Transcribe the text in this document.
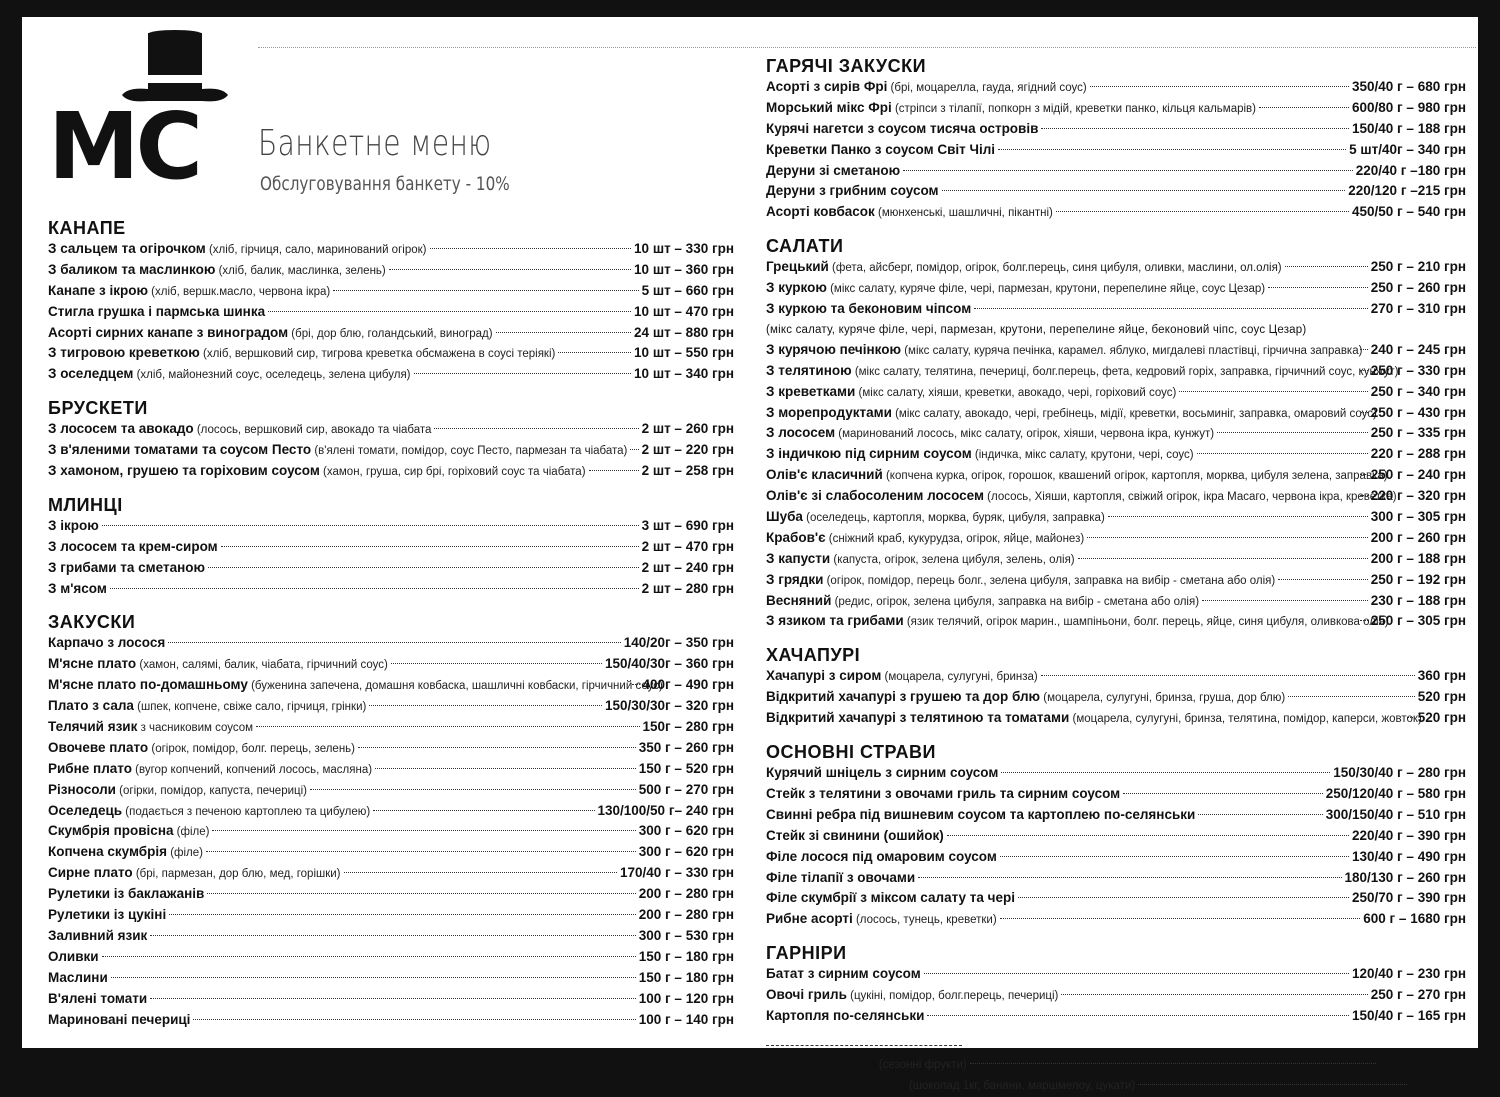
MC Банкетне меню
Обслуговування банкету - 10%
КАНАПЕ
З сальцем та огірочком (хліб, гірчиця, сало, маринований огірок)	10 шт – 330 грн
З баликом та маслинкою (хліб, балик, маслинка, зелень)	10 шт – 360 грн
Канапе з ікрою (хліб, вершк.масло, червона ікра)	5 шт – 660 грн
Стигла грушка і пармська шинка	10 шт – 470 грн
Асорті сирних канапе з виноградом (брі, дор блю, голандський, виноград)	24 шт – 880 грн
З тигровою креветкою (хліб, вершковий сир, тигрова креветка обсмажена в соусі теріякі)	10 шт – 550 грн
З оселедцем (хліб, майонезний соус, оселедець, зелена цибуля)	10 шт – 340 грн
БРУСКЕТИ
З лососем та авокадо (лосось, вершковий сир, авокадо та чіабата	2 шт – 260 грн
З в'яленими томатами та соусом Песто (в'ялені томати, помідор, соус Песто, пармезан та чіабата) 2 шт – 220 грн
З хамоном, грушею та горіховим соусом (хамон, груша, сир брі, горіховий соус та чіабата)	2 шт – 258 грн
МЛИНЦІ
З ікрою	3 шт – 690 грн
З лососем та крем-сиром	2 шт – 470 грн
З грибами та сметаною	2 шт – 240 грн
З м'ясом	2 шт – 280 грн
ЗАКУСКИ
Карпачо з лосося	140/20г – 350 грн
М'ясне плато (хамон, салямі, балик, чіабата, гірчичний соус)	150/40/30г – 360 грн
М'ясне плато по-домашньому (буженина запечена, домашня ковбаска, шашличні ковбаски, гірчичний соус)
400г – 490 грн
Плато з сала (шпек, копчене, свіже сало, гірчиця, грінки)	150/30/30г – 320 грн
Телячий язик з часниковим соусом	150г – 280 грн
Овочеве плато (огірок, помідор, болг. перець, зелень)	350 г – 260 грн
Рибне плато (вугор копчений, копчений лосось, масляна)	150 г – 520 грн
Різносоли (огірки, помідор, капуста, печериці)	500 г – 270 грн
Оселедець (подається з печеною картоплею та цибулею)	130/100/50 г– 240 грн
Скумбрія провісна (філе)	300 г – 620 грн
Копчена скумбрія (філе)	300 г – 620 грн
Сирне плато (брі, пармезан, дор блю, мед, горішки)	170/40 г – 330 грн
Рулетики із баклажанів	200 г – 280 грн
Рулетики із цукіні	200 г – 280 грн
Заливний язик	300 г – 530 грн
Оливки	150 г – 180 грн
Маслини	150 г – 180 грн
В'ялені томати	100 г – 120 грн
Мариновані печериці	100 г – 140 грн
ГАРЯЧІ ЗАКУСКИ
Асорті з сирів Фрі (брі, моцарелла, гауда, ягідний соус)	350/40 г – 680 грн
Морський мікс Фрі (стріпси з тілапії, попкорн з мідій, креветки панко, кільця кальмарів)	600/80 г – 980 грн
Курячі нагетси з соусом тисяча островів	150/40 г – 188 грн
Креветки Панко з соусом Світ Чілі	5 шт/40г – 340 грн
Деруни зі сметаною	220/40 г –180 грн
Деруни з грибним соусом	220/120 г –215 грн
Асорті ковбасок (мюнхенські, шашличні, пікантні)	450/50 г – 540 грн
САЛАТИ
Грецький (фета, айсберг, помідор, огірок, болг.перець, синя цибуля, оливки, маслини, ол.олія)	250 г – 210 грн
З куркою (мікс салату, куряче філе, чері, пармезан, крутони, перепелине яйце, соус Цезар)	250 г – 260 грн
З куркою та беконовим чіпсом	270 г – 310 грн
(мікс салату, куряче філе, чері, пармезан, крутони, перепелине яйце, беконовий чіпс, соус Цезар)
З курячою печінкою (мікс салату, куряча печінка, карамел. яблуко, мигдалеві пластівці, гірчична заправка) 240 г – 245 грн
З телятиною (мікс салату, телятина, печериці, болг.перець, фета, кедровий горіх, заправка, гірчичний соус, кунжут)
250 г – 330 грн
З креветками (мікс салату, хіяши, креветки, авокадо, чері, горіховий соус)	250 г – 340 грн
З морепродуктами (мікс салату, авокадо, чері, гребінець, мідії, креветки, восьминіг, заправка, омаровий соус)
250 г – 430 грн
З лососем (маринований лосось, мікс салату, огірок, хіяши, червона ікра, кунжут)	250 г – 335 грн
З індичкою під сирним соусом (індичка, мікс салату, крутони, чері, соус)	220 г – 288 грн
Олів'є класичний (копчена курка, огірок, горошок, квашений огірок, картопля, морква, цибуля зелена, заправка)
250 г – 240 грн
Олів'є зі слабосоленим лососем (лосось, Хіяши, картопля, свіжий огірок, ікра Масаго, червона ікра, креветка)
220 г – 320 грн
Шуба (оселедець, картопля, морква, буряк, цибуля, заправка)	300 г – 305 грн
Крабов'є (сніжний краб, кукурудза, огірок, яйце, майонез)	200 г – 260 грн
З капусти (капуста, огірок, зелена цибуля, зелень, олія)	200 г – 188 грн
З грядки (огірок, помідор, перець болг., зелена цибуля, заправка на вибір - сметана або олія)	250 г – 192 грн
Весняний (редис, огірок, зелена цибуля, заправка на вибір - сметана або олія)	230 г – 188 грн
З язиком та грибами (язик телячий, огірок марин., шампіньони, болг. перець, яйце, синя цибуля, оливкова олія)
250 г – 305 грн
ХАЧАПУРІ
Хачапурі з сиром (моцарела, сулугуні, бринза)	360 грн
Відкритий хачапурі з грушею та дор блю (моцарела, сулугуні, бринза, груша, дор блю)	520 грн
Відкритий хачапурі з телятиною та томатами (моцарела, сулугуні, бринза, телятина, помідор, каперси, жовток)
520 грн
ОСНОВНІ СТРАВИ
Курячий шніцель з сирним соусом	150/30/40 г – 280 грн
Стейк з телятини з овочами гриль та сирним соусом	250/120/40 г – 580 грн
Свинні ребра під вишневим соусом та картоплею по-селянськи	300/150/40 г – 510 грн
Стейк зі свинини (ошийок)	220/40 г – 390 грн
Філе лосося під омаровим соусом	130/40 г – 490 грн
Філе тілапії з овочами	180/130 г – 260 грн
Філе скумбрії з міксом салату та чері	250/70 г – 390 грн
Рибне асорті (лосось, тунець, креветки)	600 г – 1680 грн
ГАРНІРИ
Батат з сирним соусом	120/40 г – 230 грн
Овочі гриль (цукіні, помідор, болг.перець, печериці)	250 г – 270 грн
Картопля по-селянськи	150/40 г – 165 грн
Фруктове асорті (сезонні фрукти)	1 кг – 420 грн
Шоколадний фонтан (шоколад 1кг, банани, маршмелоу, цукати)	2500 грн
